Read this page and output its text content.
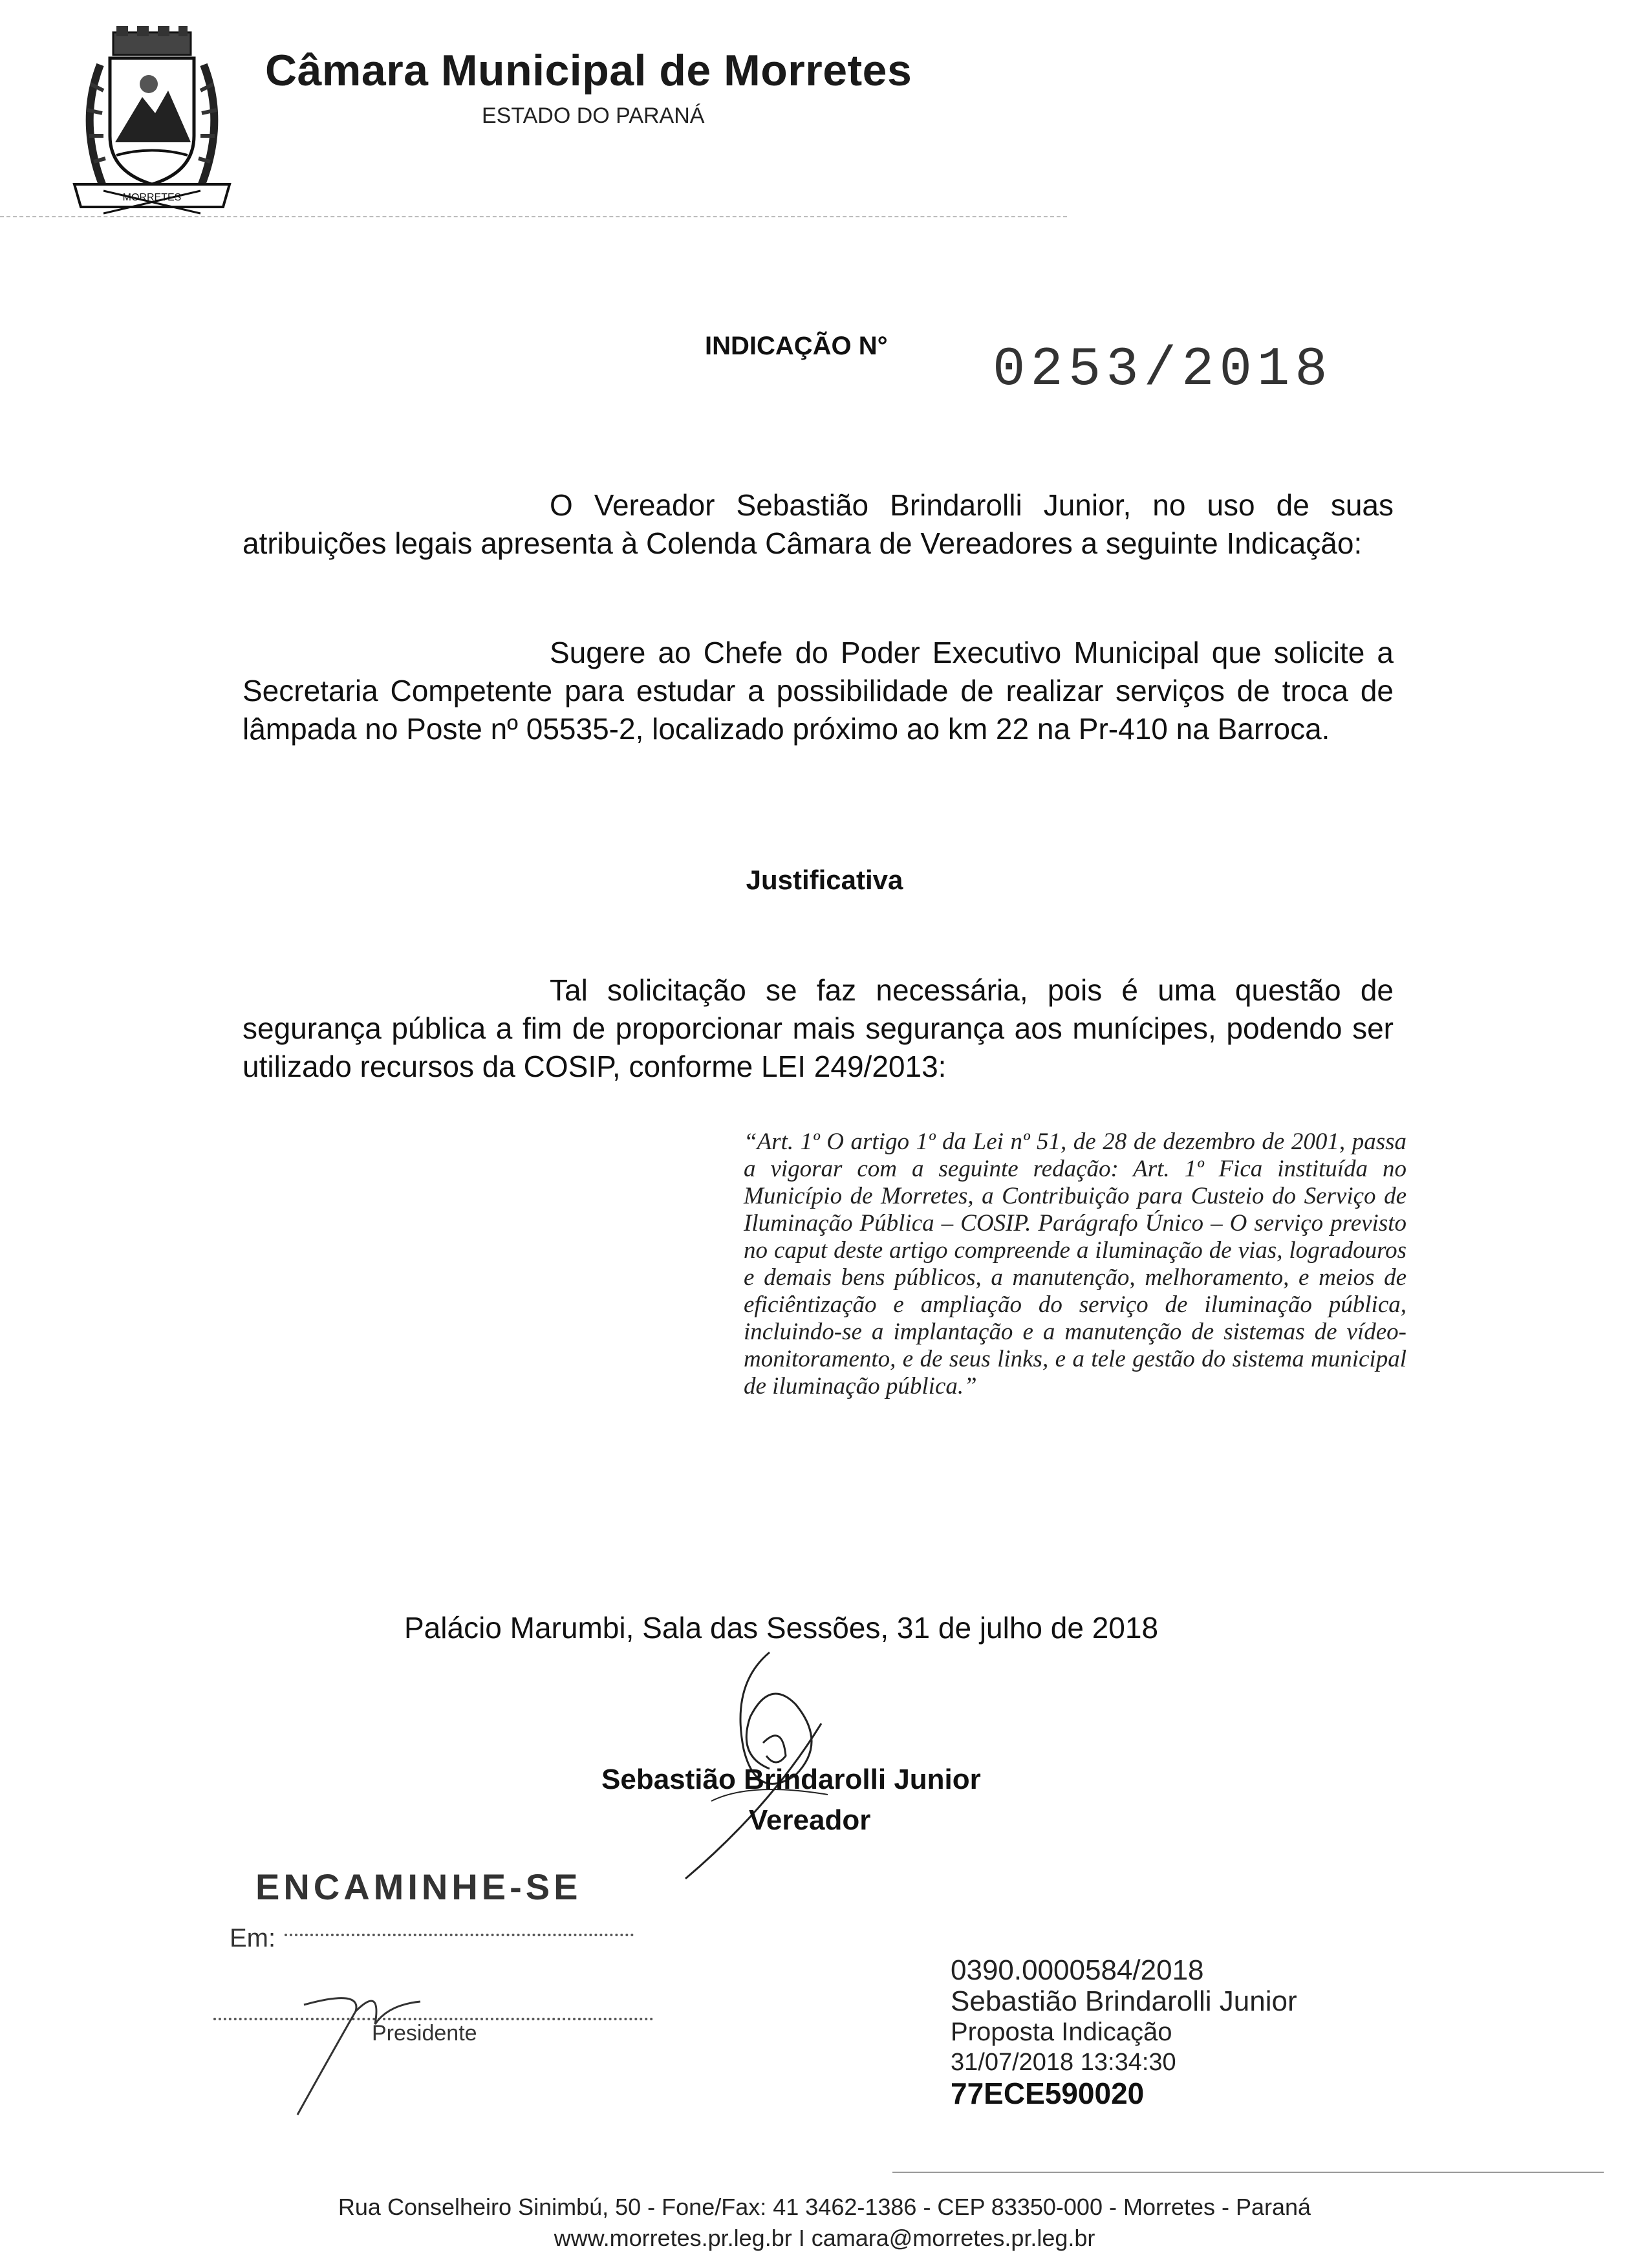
MORRETES
Câmara Municipal de Morretes
ESTADO DO PARANÁ
INDICAÇÃO N° 0253/2018
O Vereador Sebastião Brindarolli Junior, no uso de suas atribuições legais apresenta à Colenda Câmara de Vereadores a seguinte Indicação:
Sugere ao Chefe do Poder Executivo Municipal que solicite a Secretaria Competente para estudar a possibilidade de realizar serviços de troca de lâmpada no Poste nº 05535-2, localizado próximo ao km 22 na Pr-410 na Barroca.
Justificativa
Tal solicitação se faz necessária, pois é uma questão de segurança pública a fim de proporcionar mais segurança aos munícipes, podendo ser utilizado recursos da COSIP, conforme LEI 249/2013:
“Art. 1º O artigo 1º da Lei nº 51, de 28 de dezembro de 2001, passa a vigorar com a seguinte redação: Art. 1º Fica instituída no Município de Morretes, a Contribuição para Custeio do Serviço de Iluminação Pública – COSIP. Parágrafo Único – O serviço previsto no caput deste artigo compreende a iluminação de vias, logradouros e demais bens públicos, a manutenção, melhoramento, e meios de eficiêntização e ampliação do serviço de iluminação pública, incluindo-se a implantação e a manutenção de sistemas de vídeo-monitoramento, e de seus links, e a tele gestão do sistema municipal de iluminação pública.”
Palácio Marumbi, Sala das Sessões, 31 de julho de 2018
Sebastião Brindarolli Junior
Vereador
ENCAMINHE-SE
Em:
Presidente
0390.0000584/2018
Sebastião Brindarolli Junior
Proposta Indicação
31/07/2018 13:34:30
77ECE590020
Rua Conselheiro Sinimbú, 50 - Fone/Fax: 41 3462-1386 - CEP 83350-000 - Morretes - Paraná
www.morretes.pr.leg.br I camara@morretes.pr.leg.br
